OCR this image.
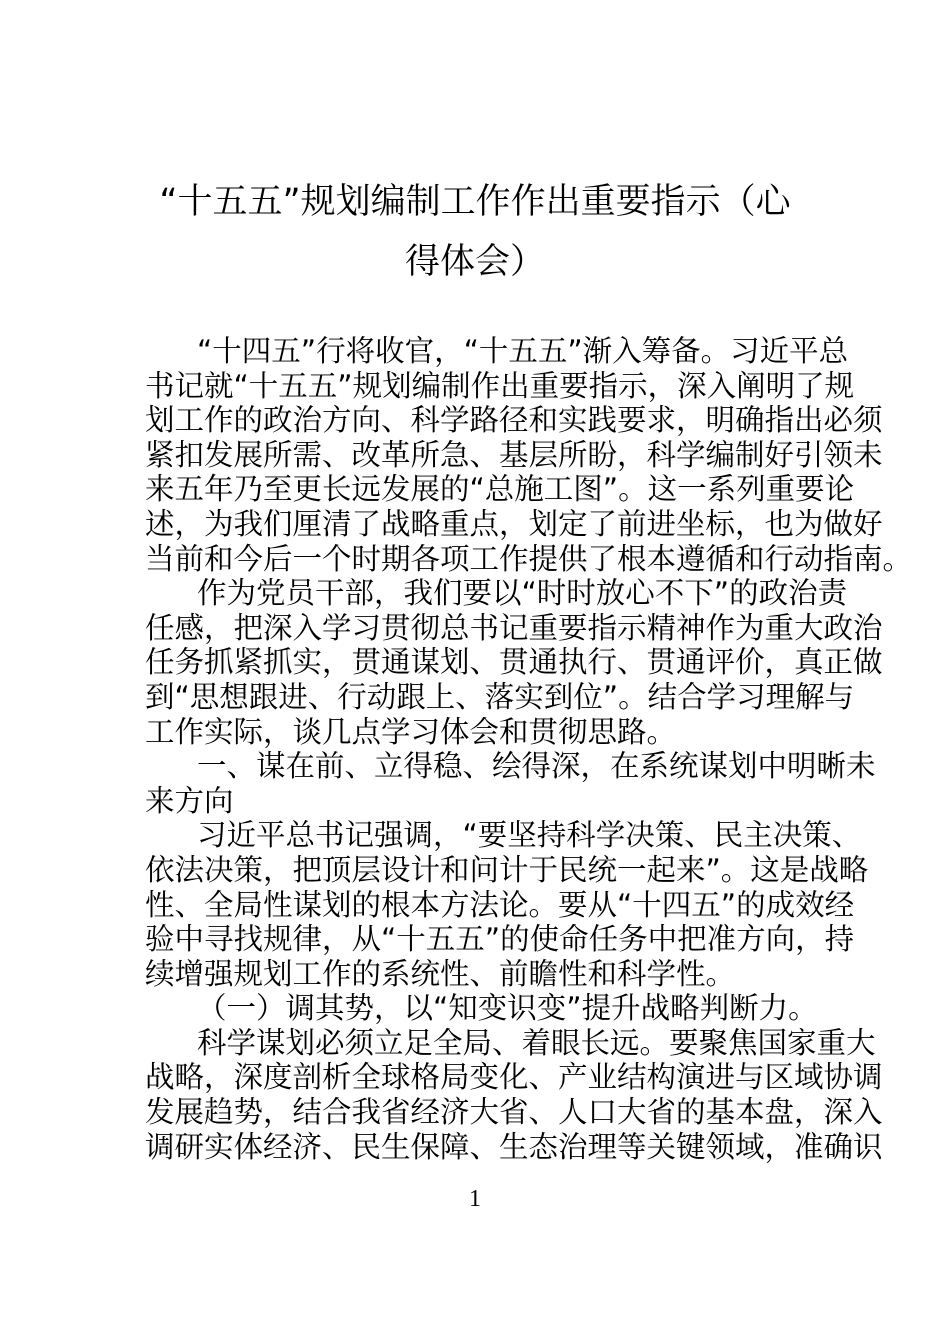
“十五五”规划编制工作作出重要指示（心
得体会）
“十四五”行将收官，“十五五”渐入筹备。习近平总
书记就“十五五”规划编制作出重要指示，深入阐明了规
划工作的政治方向、科学路径和实践要求，明确指出必须
紧扣发展所需、改革所急、基层所盼，科学编制好引领未
来五年乃至更长远发展的“总施工图”。这一系列重要论
述，为我们厘清了战略重点，划定了前进坐标，也为做好
当前和今后一个时期各项工作提供了根本遵循和行动指南。
作为党员干部，我们要以“时时放心不下”的政治责
任感，把深入学习贯彻总书记重要指示精神作为重大政治
任务抓紧抓实，贯通谋划、贯通执行、贯通评价，真正做
到“思想跟进、行动跟上、落实到位”。结合学习理解与
工作实际，谈几点学习体会和贯彻思路。
一、谋在前、立得稳、绘得深，在系统谋划中明晰未
来方向
习近平总书记强调，“要坚持科学决策、民主决策、
依法决策，把顶层设计和问计于民统一起来”。这是战略
性、全局性谋划的根本方法论。要从“十四五”的成效经
验中寻找规律，从“十五五”的使命任务中把准方向，持
续增强规划工作的系统性、前瞻性和科学性。
（一）调其势，以“知变识变”提升战略判断力。
科学谋划必须立足全局、着眼长远。要聚焦国家重大
战略，深度剖析全球格局变化、产业结构演进与区域协调
发展趋势，结合我省经济大省、人口大省的基本盘，深入
调研实体经济、民生保障、生态治理等关键领域，准确识
1
